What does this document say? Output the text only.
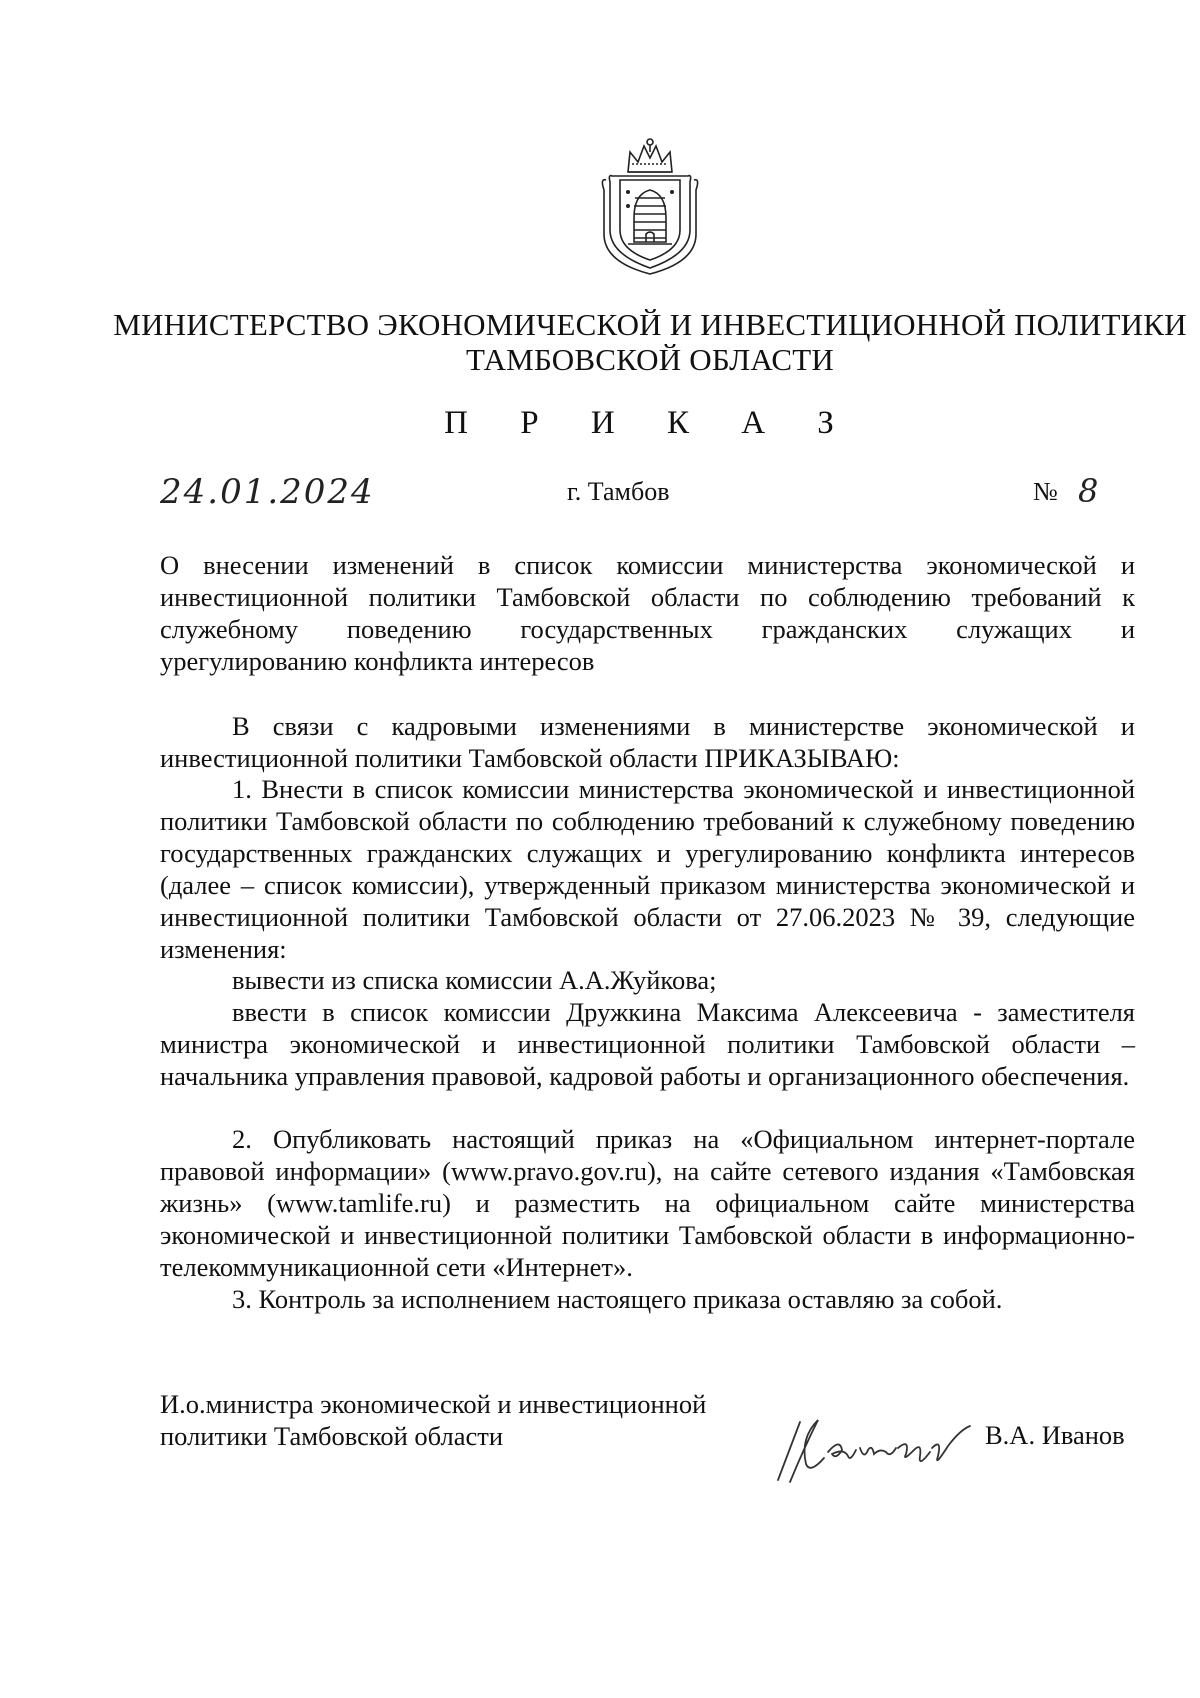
МИНИСТЕРСТВО ЭКОНОМИЧЕСКОЙ И ИНВЕСТИЦИОННОЙ ПОЛИТИКИ
ТАМБОВСКОЙ ОБЛАСТИ
П Р И К А З
24.01.2024	г. Тамбов	№ 8
О внесении изменений в список комиссии министерства экономической и
инвестиционной политики Тамбовской области по соблюдению требований к
служебному поведению государственных гражданских служащих и
урегулированию конфликта интересов
В связи с кадровыми изменениями в министерстве экономической и инвестиционной политики Тамбовской области ПРИКАЗЫВАЮ:
1. Внести в список комиссии министерства экономической и инвестиционной политики Тамбовской области по соблюдению требований к служебному поведению государственных гражданских служащих и урегулированию конфликта интересов (далее – список комиссии), утвержденный приказом министерства экономической и инвестиционной политики Тамбовской области от 27.06.2023 № 39, следующие изменения:
вывести из списка комиссии А.А.Жуйкова;
ввести в список комиссии Дружкина Максима Алексеевича - заместителя министра экономической и инвестиционной политики Тамбовской области – начальника управления правовой, кадровой работы и организационного обеспечения.
2. Опубликовать настоящий приказ на «Официальном интернет-портале правовой информации» (www.pravo.gov.ru), на сайте сетевого издания «Тамбовская жизнь» (www.tamlife.ru) и разместить на официальном сайте министерства экономической и инвестиционной политики Тамбовской области в информационно-телекоммуникационной сети «Интернет».
3. Контроль за исполнением настоящего приказа оставляю за собой.
И.о.министра экономической и инвестиционной
политики Тамбовской области	В.А. Иванов
